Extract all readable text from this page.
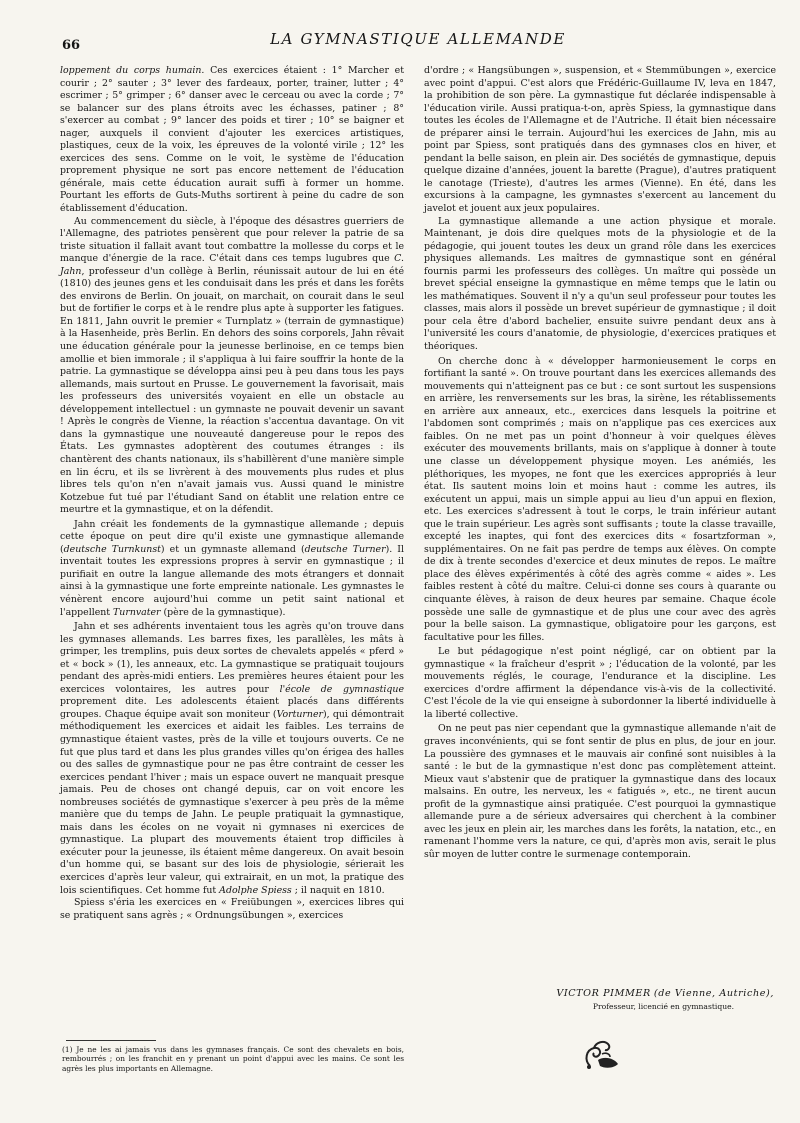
66	LA GYMNASTIQUE ALLEMANDE

loppement du corps humain. Ces exercices étaient : 1° Marcher et courir ; 2° sauter ; 3° lever des fardeaux, porter, trainer, lutter ; 4° escrimer ; 5° grimper ; 6° danser avec le cerceau ou avec la corde ; 7° se balancer sur des plans étroits avec les échasses, patiner ; 8° s'exercer au combat ; 9° lancer des poids et tirer ; 10° se baigner et nager, auxquels il convient d'ajouter les exercices artistiques, plastiques, ceux de la voix, les épreuves de la volonté virile ; 12° les exercices des sens. Comme on le voit, le système de l'éducation proprement physique ne sort pas encore nettement de l'éducation générale, mais cette éducation aurait suffi à former un homme. Pourtant les efforts de Guts-Muths sortirent à peine du cadre de son établissement d'éducation.

Au commencement du siècle, à l'époque des désastres guerriers de l'Allemagne, des patriotes pensèrent que pour relever la patrie de sa triste situation il fallait avant tout combattre la mollesse du corps et le manque d'énergie de la race. C'était dans ces temps lugubres que C. Jahn, professeur d'un collège à Berlin, réunissait autour de lui en été (1810) des jeunes gens et les conduisait dans les prés et dans les forêts des environs de Berlin. On jouait, on marchait, on courait dans le seul but de fortifier le corps et à le rendre plus apte à supporter les fatigues. En 1811, Jahn ouvrit le premier « Turnplatz » (terrain de gymnastique) à la Hasenheide, près Berlin. En dehors des soins corporels, Jahn rêvait une éducation générale pour la jeunesse berlinoise, en ce temps bien amollie et bien immorale ; il s'appliqua à lui faire souffrir la honte de la patrie. La gymnastique se développa ainsi peu à peu dans tous les pays allemands, mais surtout en Prusse. Le gouvernement la favorisait, mais les professeurs des universités voyaient en elle un obstacle au développement intellectuel : un gymnaste ne pouvait devenir un savant ! Après le congrès de Vienne, la réaction s'accentua davantage. On vit dans la gymnastique une nouveauté dangereuse pour le repos des États. Les gymnastes adoptèrent des coutumes étranges : ils chantèrent des chants nationaux, ils s'habillèrent d'une manière simple en lin écru, et ils se livrèrent à des mouvements plus rudes et plus libres tels qu'on n'en n'avait jamais vus. Aussi quand le ministre Kotzebue fut tué par l'étudiant Sand on établit une relation entre ce meurtre et la gymnastique, et on la défendit.

Jahn créait les fondements de la gymnastique allemande ; depuis cette époque on peut dire qu'il existe une gymnastique allemande (deutsche Turnkunst) et un gymnaste allemand (deutsche Turner). Il inventait toutes les expressions propres à servir en gymnastique ; il purifiait en outre la langue allemande des mots étrangers et donnait ainsi à la gymnastique une forte empreinte nationale. Les gymnastes le vénèrent encore aujourd'hui comme un petit saint national et l'appellent Turnvater (père de la gymnastique).

Jahn et ses adhérents inventaient tous les agrès qu'on trouve dans les gymnases allemands. Les barres fixes, les parallèles, les mâts à grimper, les tremplins, puis deux sortes de chevalets appelés « pferd » et « bock » (1), les anneaux, etc. La gymnastique se pratiquait toujours pendant des après-midi entiers. Les premières heures étaient pour les exercices volontaires, les autres pour l'école de gymnastique proprement dite. Les adolescents étaient placés dans différents groupes. Chaque équipe avait son moniteur (Vorturner), qui démontrait méthodiquement les exercices et aidait les faibles. Les terrains de gymnastique étaient vastes, près de la ville et toujours ouverts. Ce ne fut que plus tard et dans les plus grandes villes qu'on érigea des halles ou des salles de gymnastique pour ne pas être contraint de cesser les exercices pendant l'hiver ; mais un espace ouvert ne manquait presque jamais. Peu de choses ont changé depuis, car on voit encore les nombreuses sociétés de gymnastique s'exercer à peu près de la même manière que du temps de Jahn. Le peuple pratiquait la gymnastique, mais dans les écoles on ne voyait ni gymnases ni exercices de gymnastique. La plupart des mouvements étaient trop difficiles à exécuter pour la jeunesse, ils étaient même dangereux. On avait besoin d'un homme qui, se basant sur des lois de physiologie, sérierait les exercices d'après leur valeur, qui extrairait, en un mot, la pratique des lois scientifiques. Cet homme fut Adolphe Spiess ; il naquit en 1810.

Spiess s'éria les exercices en « Freiübungen », exercices libres qui se pratiquent sans agrès ; « Ordnungsübungen », exercices

d'ordre ; « Hangsübungen », suspension, et « Stemmübungen », exercice avec point d'appui. C'est alors que Frédéric-Guillaume IV, leva en 1847, la prohibition de son père. La gymnastique fut déclarée indispensable à l'éducation virile. Aussi pratiqua-t-on, après Spiess, la gymnastique dans toutes les écoles de l'Allemagne et de l'Autriche. Il était bien nécessaire de préparer ainsi le terrain. Aujourd'hui les exercices de Jahn, mis au point par Spiess, sont pratiqués dans des gymnases clos en hiver, et pendant la belle saison, en plein air. Des sociétés de gymnastique, depuis quelque dizaine d'années, jouent la barette (Prague), d'autres pratiquent le canotage (Trieste), d'autres les armes (Vienne). En été, dans les excursions à la campagne, les gymnastes s'exercent au lancement du javelot et jouent aux jeux populaires.

La gymnastique allemande a une action physique et morale. Maintenant, je dois dire quelques mots de la physiologie et de la pédagogie, qui jouent toutes les deux un grand rôle dans les exercices physiques allemands. Les maîtres de gymnastique sont en général fournis parmi les professeurs des collèges. Un maître qui possède un brevet spécial enseigne la gymnastique en même temps que le latin ou les mathématiques. Souvent il n'y a qu'un seul professeur pour toutes les classes, mais alors il possède un brevet supérieur de gymnastique ; il doit pour cela être d'abord bachelier, ensuite suivre pendant deux ans à l'université les cours d'anatomie, de physiologie, d'exercices pratiques et théoriques.

On cherche donc à « développer harmonieusement le corps en fortifiant la santé ». On trouve pourtant dans les exercices allemands des mouvements qui n'atteignent pas ce but : ce sont surtout les suspensions en arrière, les renversements sur les bras, la sirène, les rétablissements en arrière aux anneaux, etc., exercices dans lesquels la poitrine et l'abdomen sont comprimés ; mais on n'applique pas ces exercices aux faibles. On ne met pas un point d'honneur à voir quelques élèves exécuter des mouvements brillants, mais on s'applique à donner à toute une classe un développement physique moyen. Les anémiés, les pléthoriques, les myopes, ne font que les exercices appropriés à leur état. Ils sautent moins loin et moins haut : comme les autres, ils exécutent un appui, mais un simple appui au lieu d'un appui en flexion, etc. Les exercices s'adressent à tout le corps, le train inférieur autant que le train supérieur. Les agrès sont suffisants ; toute la classe travaille, excepté les inaptes, qui font des exercices dits « fosartzforman », supplémentaires. On ne fait pas perdre de temps aux élèves. On compte de dix à trente secondes d'exercice et deux minutes de repos. Le maître place des élèves expérimentés à côté des agrès comme « aides ». Les faibles restent à côté du maître. Celui-ci donne ses cours à quarante ou cinquante élèves, à raison de deux heures par semaine. Chaque école possède une salle de gymnastique et de plus une cour avec des agrès pour la belle saison. La gymnastique, obligatoire pour les garçons, est facultative pour les filles.

Le but pédagogique n'est point négligé, car on obtient par la gymnastique « la fraîcheur d'esprit » ; l'éducation de la volonté, par les mouvements réglés, le courage, l'endurance et la discipline. Les exercices d'ordre affirment la dépendance vis-à-vis de la collectivité. C'est l'école de la vie qui enseigne à subordonner la liberté individuelle à la liberté collective.

On ne peut pas nier cependant que la gymnastique allemande n'ait de graves inconvénients, qui se font sentir de plus en plus, de jour en jour. La poussière des gymnases et le mauvais air confiné sont nuisibles à la santé : le but de la gymnastique n'est donc pas complètement atteint. Mieux vaut s'abstenir que de pratiquer la gymnastique dans des locaux malsains. En outre, les nerveux, les « fatigués », etc., ne tirent aucun profit de la gymnastique ainsi pratiquée. C'est pourquoi la gymnastique allemande pure a de sérieux adversaires qui cherchent à la combiner avec les jeux en plein air, les marches dans les forêts, la natation, etc., en ramenant l'homme vers la nature, ce qui, d'après mon avis, serait le plus sûr moyen de lutter contre le surmenage contemporain.

VICTOR PIMMER (de Vienne, Autriche),
Professeur, licencié en gymnastique.
(1) Je ne les ai jamais vus dans les gymnases français. Ce sont des chevalets en bois, rembourrés ; on les franchit en y prenant un point d'appui avec les mains. Ce sont les agrès les plus importants en Allemagne.
